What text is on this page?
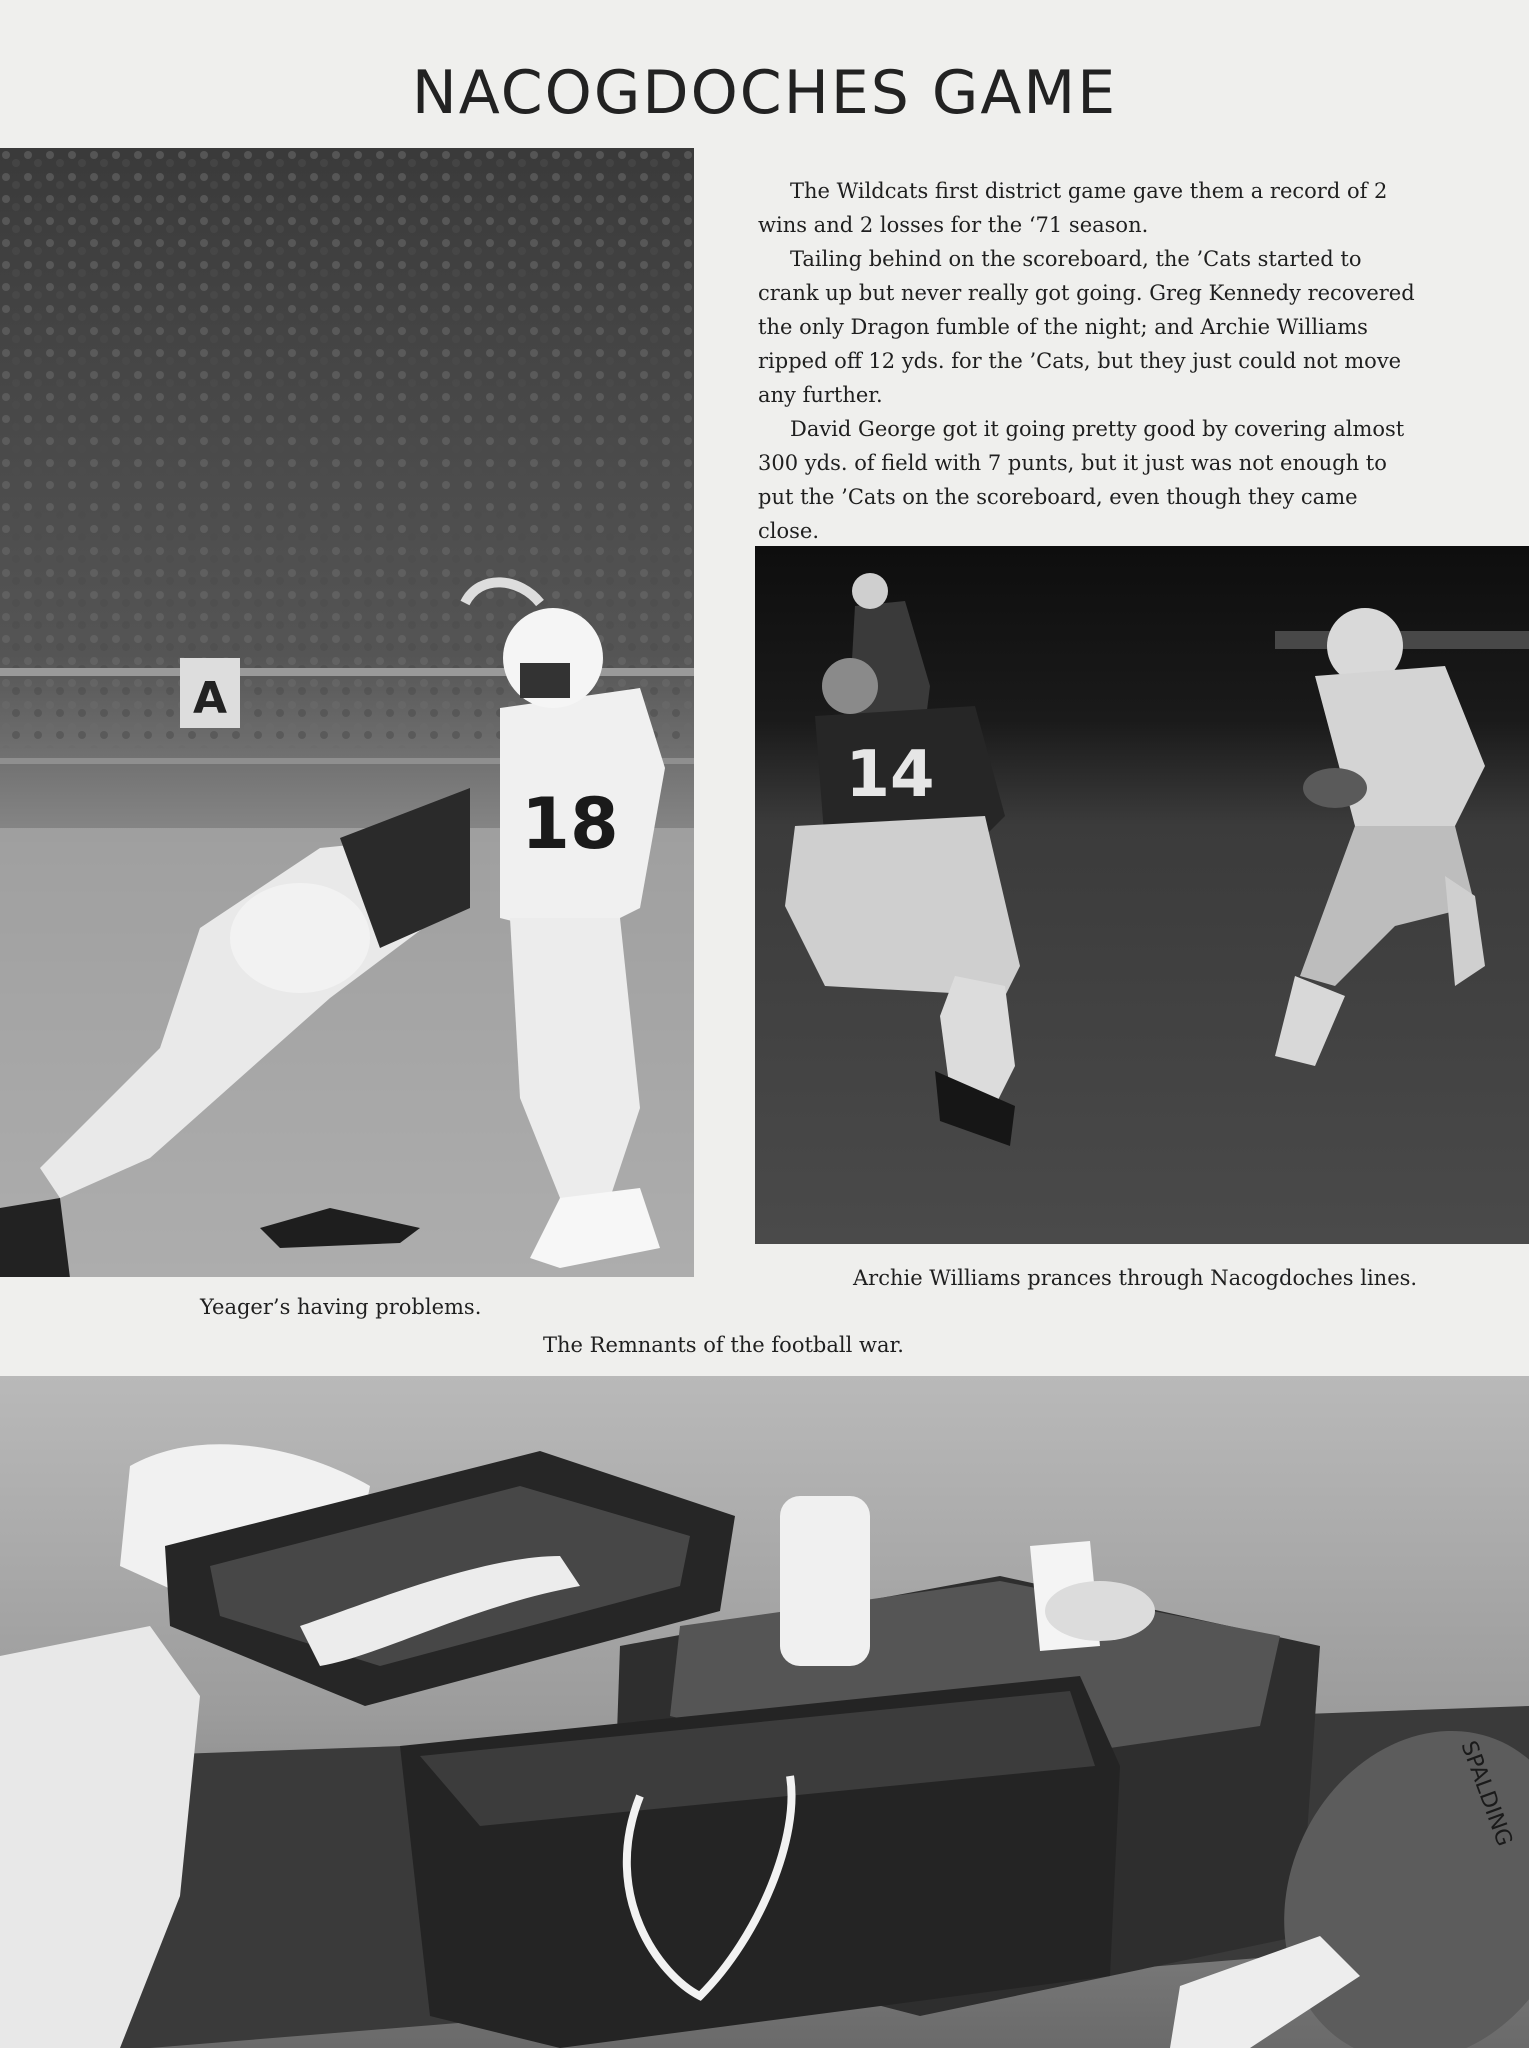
NACOGDOCHES GAME
A
18

The Wildcats first district game gave them a record of 2 wins and 2 losses for the ‘71 season.

Tailing behind on the scoreboard, the ’Cats started to crank up but never really got going. Greg Kennedy recovered the only Dragon fumble of the night; and Archie Williams ripped off 12 yds. for the ’Cats, but they just could not move any further.

David George got it going pretty good by covering almost 300 yds. of field with 7 punts, but it just was not enough to put the ’Cats on the scoreboard, even though they came close.

14
Archie Williams prances through Nacogdoches lines.
Yeager’s having problems.
The Remnants of the football war.
SPALDING
